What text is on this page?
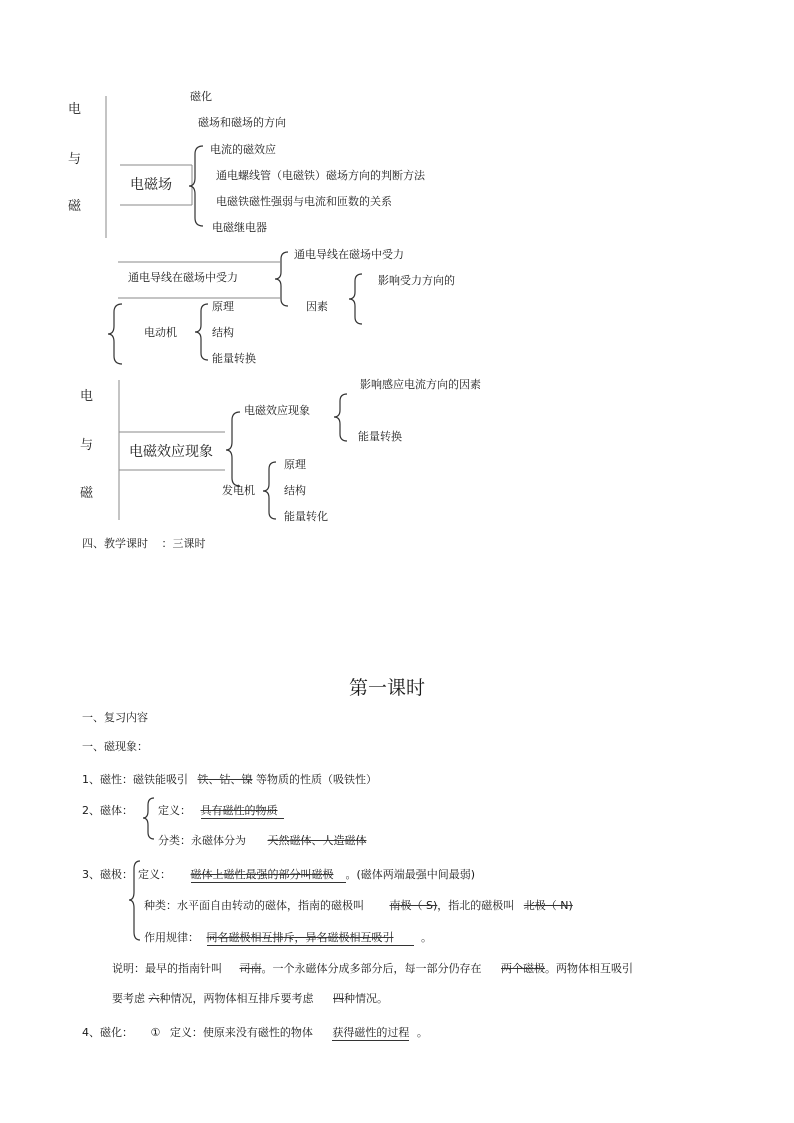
电
与
磁
磁化
磁场和磁场的方向
电磁场
电流的磁效应
通电螺线管（电磁铁）磁场方向的判断方法
电磁铁磁性强弱与电流和匝数的关系
电磁继电器
通电导线在磁场中受力
通电导线在磁场中受力
因素
影响受力方向的
电动机
原理
结构
能量转换
电
与
磁
电磁效应现象
电磁效应现象
影响感应电流方向的因素
能量转换
发电机
原理
结构
能量转化
四、教学课时 ：三课时
第一课时
一、复习内容
一、磁现象：
1、磁性：磁铁能吸引 铁、钴、镍 等物质的性质（吸铁性）
2、磁体： 定义： 具有磁性的物质
分类：永磁体分为 天然磁体、人造磁体
3、磁极： 定义： 磁体上磁性最强的部分叫磁极 。(磁体两端最强中间最弱)
种类：水平面自由转动的磁体，指南的磁极叫 南极（ S)，指北的磁极叫 北极（ N)
作用规律： 同名磁极相互排斥，异名磁极相互吸引	。
说明：最早的指南针叫 司南。一个永磁体分成多部分后，每一部分仍存在 两个磁极。两物体相互吸引
要考虑 六种情况，两物体相互排斥要考虑 四种情况。
4、磁化： ① 定义：使原来没有磁性的物体 获得磁性的过程 。
